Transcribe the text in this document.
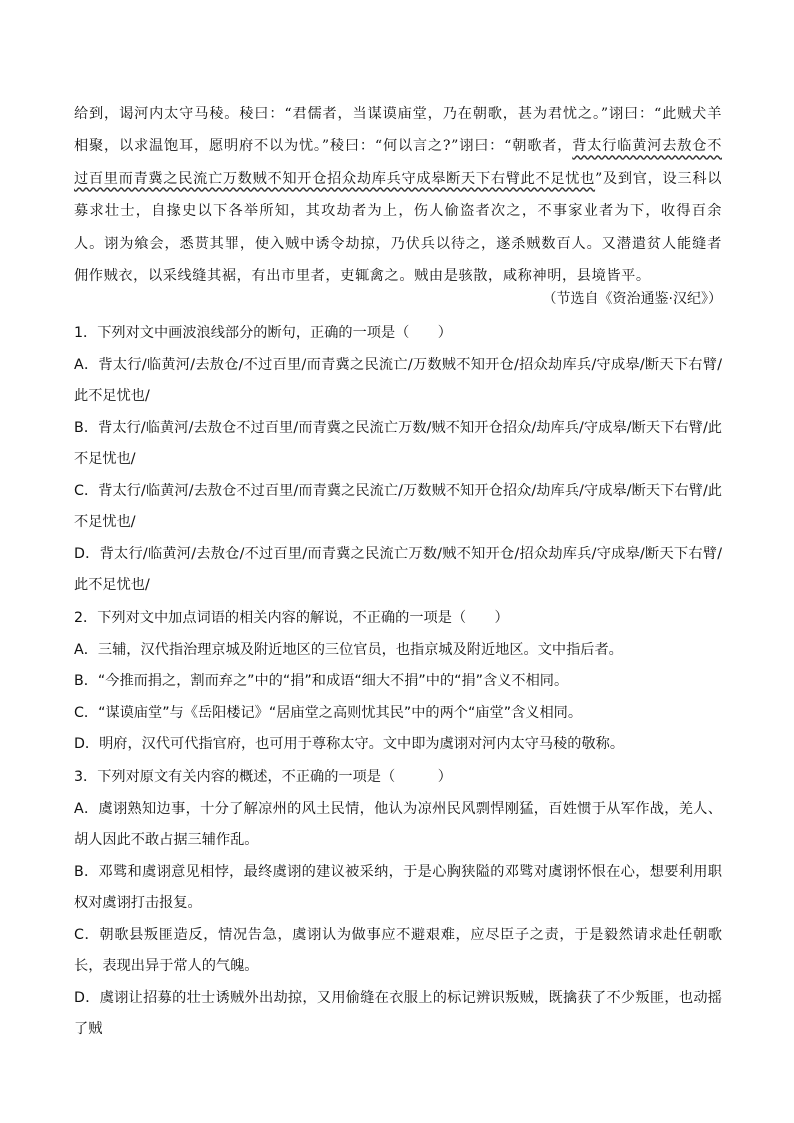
给到，谒河内太守马稜。稜曰：“君儒者，当谋谟庙堂，乃在朝歌，甚为君忧之。”诩曰：“此贼犬羊相聚，以求温饱耳，愿明府不以为忧。”稜曰：“何以言之?”诩曰：“朝歌者，背太行临黄河去敖仓不过百里而青冀之民流亡万数贼不知开仓招众劫库兵守成皋断天下右臂此不足忧也”及到官，设三科以募求壮士，自掾史以下各举所知，其攻劫者为上，伤人偷盗者次之，不事家业者为下，收得百余人。诩为飨会，悉贳其罪，使入贼中诱令劫掠，乃伏兵以待之，遂杀贼数百人。又潜遣贫人能缝者佣作贼衣，以采线缝其裾，有出市里者，吏辄禽之。贼由是骇散，咸称神明，县境皆平。
（节选自《资治通鉴·汉纪》）

1．下列对文中画波浪线部分的断句，正确的一项是（　　）

A．背太行/临黄河/去敖仓/不过百里/而青冀之民流亡/万数贼不知开仓/招众劫库兵/守成皋/断天下右臂/此不足忧也/

B．背太行/临黄河/去敖仓不过百里/而青冀之民流亡万数/贼不知开仓招众/劫库兵/守成皋/断天下右臂/此不足忧也/

C．背太行/临黄河/去敖仓不过百里/而青冀之民流亡/万数贼不知开仓招众/劫库兵/守成皋/断天下右臂/此不足忧也/

D．背太行/临黄河/去敖仓/不过百里/而青冀之民流亡万数/贼不知开仓/招众劫库兵/守成皋/断天下右臂/此不足忧也/

2．下列对文中加点词语的相关内容的解说，不正确的一项是（　　）

A．三辅，汉代指治理京城及附近地区的三位官员，也指京城及附近地区。文中指后者。

B．“今推而捐之，割而弃之”中的“捐”和成语“细大不捐”中的“捐”含义不相同。

C．“谋谟庙堂”与《岳阳楼记》“居庙堂之高则忧其民”中的两个“庙堂”含义相同。

D．明府，汉代可代指官府，也可用于尊称太守。文中即为虞诩对河内太守马稜的敬称。

3．下列对原文有关内容的概述，不正确的一项是（　　　）

A．虞诩熟知边事，十分了解凉州的风土民情，他认为凉州民风剽悍刚猛，百姓惯于从军作战，羌人、胡人因此不敢占据三辅作乱。

B．邓骘和虞诩意见相悖，最终虞诩的建议被采纳，于是心胸狭隘的邓骘对虞诩怀恨在心，想要利用职权对虞诩打击报复。

C．朝歌县叛匪造反，情况告急，虞诩认为做事应不避艰难，应尽臣子之责，于是毅然请求赴任朝歌长，表现出异于常人的气魄。

D．虞诩让招募的壮士诱贼外出劫掠，又用偷缝在衣服上的标记辨识叛贼，既擒获了不少叛匪，也动摇了贼
